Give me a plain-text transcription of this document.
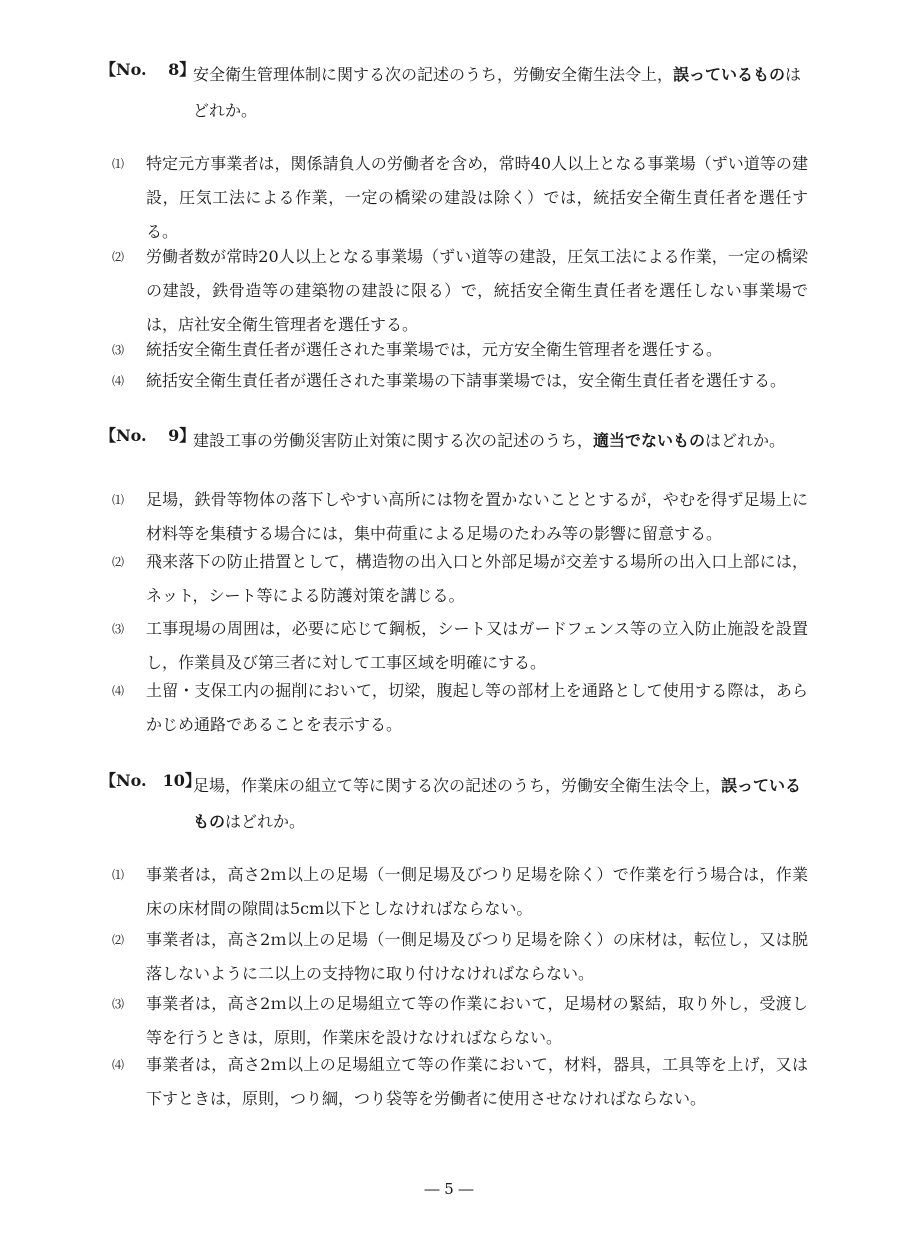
【No.　 8】
安全衛生管理体制に関する次の記述のうち，労働安全衛生法令上，誤っているものはどれか。
⑴ 特定元方事業者は，関係請負人の労働者を含め，常時40人以上となる事業場（ずい道等の建設，圧気工法による作業，一定の橋梁の建設は除く）では，統括安全衛生責任者を選任する。
⑵ 労働者数が常時20人以上となる事業場（ずい道等の建設，圧気工法による作業，一定の橋梁の建設，鉄骨造等の建築物の建設に限る）で，統括安全衛生責任者を選任しない事業場では，店社安全衛生管理者を選任する。
⑶ 統括安全衛生責任者が選任された事業場では，元方安全衛生管理者を選任する。
⑷ 統括安全衛生責任者が選任された事業場の下請事業場では，安全衛生責任者を選任する。
【No.　 9】
建設工事の労働災害防止対策に関する次の記述のうち，適当でないものはどれか。
⑴ 足場，鉄骨等物体の落下しやすい高所には物を置かないこととするが，やむを得ず足場上に材料等を集積する場合には，集中荷重による足場のたわみ等の影響に留意する。
⑵ 飛来落下の防止措置として，構造物の出入口と外部足場が交差する場所の出入口上部には，ネット，シート等による防護対策を講じる。
⑶ 工事現場の周囲は，必要に応じて鋼板，シート又はガードフェンス等の立入防止施設を設置し，作業員及び第三者に対して工事区域を明確にする。
⑷ 土留・支保工内の掘削において，切梁，腹起し等の部材上を通路として使用する際は，あらかじめ通路であることを表示する。
【No.　10】
足場，作業床の組立て等に関する次の記述のうち，労働安全衛生法令上，誤っているものはどれか。
⑴ 事業者は，高さ2ｍ以上の足場（一側足場及びつり足場を除く）で作業を行う場合は，作業床の床材間の隙間は5cm以下としなければならない。
⑵ 事業者は，高さ2ｍ以上の足場（一側足場及びつり足場を除く）の床材は，転位し，又は脱落しないように二以上の支持物に取り付けなければならない。
⑶ 事業者は，高さ2ｍ以上の足場組立て等の作業において，足場材の緊結，取り外し，受渡し等を行うときは，原則，作業床を設けなければならない。
⑷ 事業者は，高さ2ｍ以上の足場組立て等の作業において，材料，器具，工具等を上げ，又は下すときは，原則，つり綱，つり袋等を労働者に使用させなければならない。
― 5 ―
